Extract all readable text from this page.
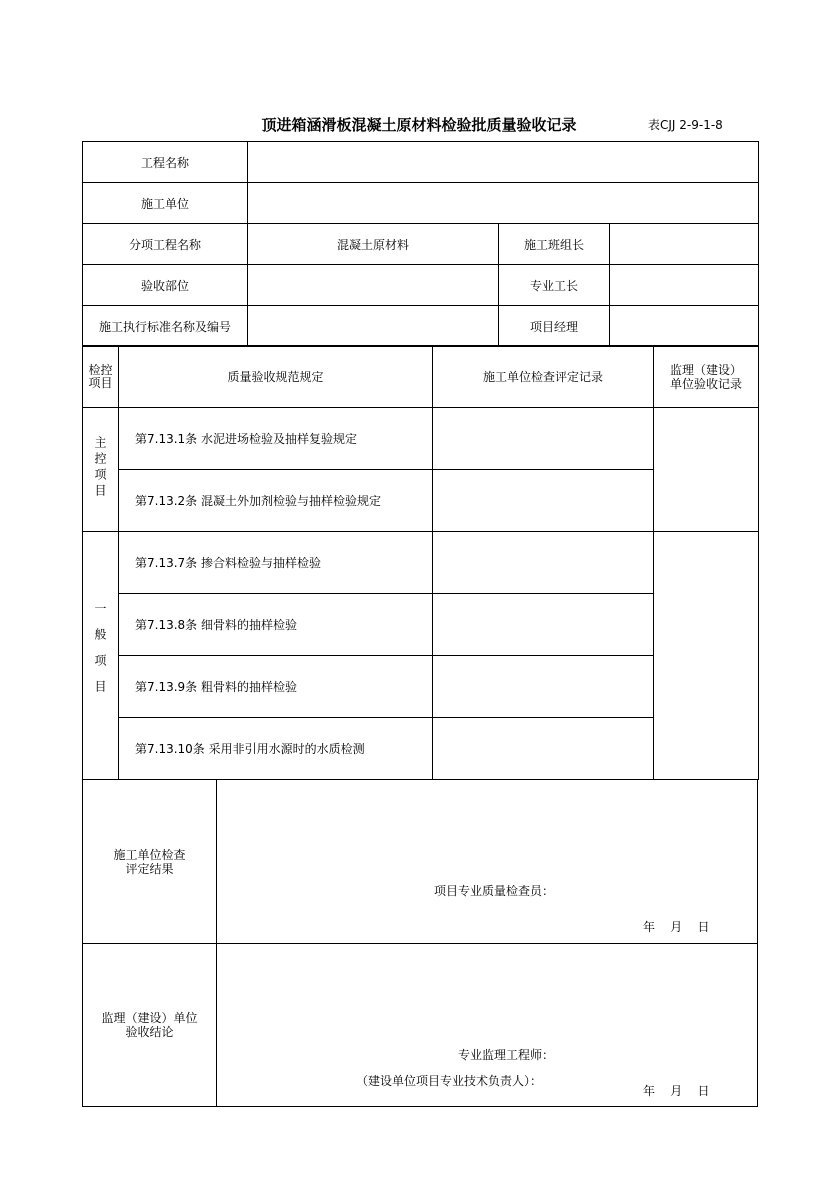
顶进箱涵滑板混凝土原材料检验批质量验收记录	表CJJ 2-9-1-8
工程名称			
施工单位			
分项工程名称	混凝土原材料	施工班组长	
验收部位		专业工长	
施工执行标准名称及编号		项目经理	
检控项目	质量验收规范规定	施工单位检查评定记录	监理（建设）
单位验收记录

主控项目	第7.13.1条 水泥进场检验及抽样复验规定		
	第7.13.2条 混凝土外加剂检验与抽样检验规定		
一般项目	第7.13.7条 掺合料检验与抽样检验		
	第7.13.8条 细骨料的抽样检验		
	第7.13.9条 粗骨料的抽样检验		
	第7.13.10条 采用非引用水源时的水质检测		
施工单位检查
评定结果
项目专业质量检查员：
年    月    日
监理（建设）单位
验收结论
专业监理工程师：
（建设单位项目专业技术负责人）：
年    月    日
